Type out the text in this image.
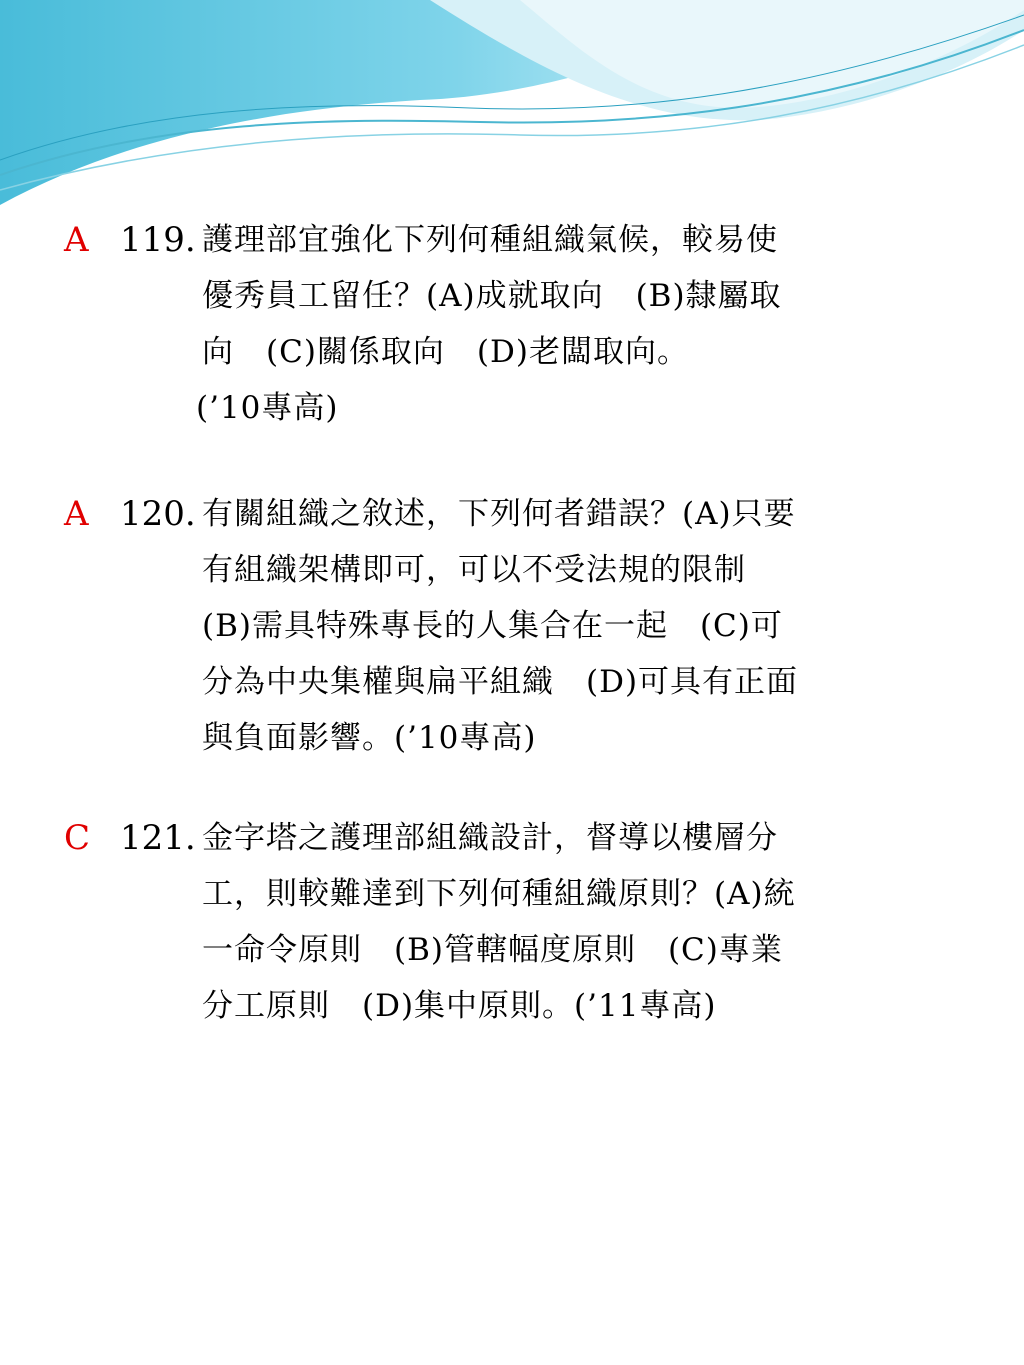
A 119. 護理部宜強化下列何種組織氣候，較易使
優秀員工留任？(A)成就取向　(B)隸屬取
向　(C)關係取向　(D)老闆取向。
(’10專高)
A 120. 有關組織之敘述，下列何者錯誤？(A)只要
有組織架構即可，可以不受法規的限制
(B)需具特殊專長的人集合在一起　(C)可
分為中央集權與扁平組織　(D)可具有正面
與負面影響。(’10專高)
C 121. 金字塔之護理部組織設計，督導以樓層分
工，則較難達到下列何種組織原則？(A)統
一命令原則　(B)管轄幅度原則　(C)專業
分工原則　(D)集中原則。(’11專高)
